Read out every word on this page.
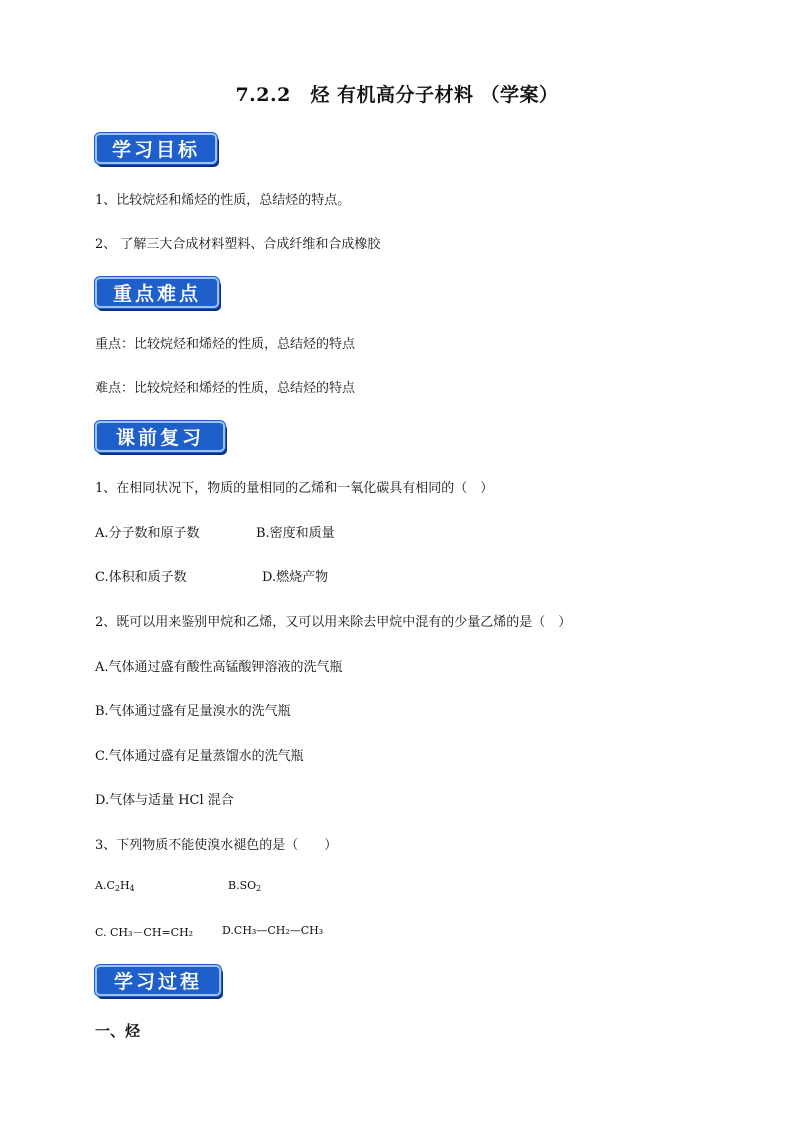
7.2.2　烃 有机高分子材料 （学案）
学习目标
1、比较烷烃和烯烃的性质，总结烃的特点。
2、 了解三大合成材料塑料、合成纤维和合成橡胶
重点难点
重点：比较烷烃和烯烃的性质，总结烃的特点
难点：比较烷烃和烯烃的性质，总结烃的特点
课前复习
1、在相同状况下，物质的量相同的乙烯和一氧化碳具有相同的（　）
A.分子数和原子数	B.密度和质量
C.体积和质子数	D.燃烧产物
2、既可以用来鉴别甲烷和乙烯，又可以用来除去甲烷中混有的少量乙烯的是（　）
A.气体通过盛有酸性高锰酸钾溶液的洗气瓶
B.气体通过盛有足量溴水的洗气瓶
C.气体通过盛有足量蒸馏水的洗气瓶
D.气体与适量 HCl 混合
3、下列物质不能使溴水褪色的是（　　）
$A.C_2H_4$	$B.SO_2$
C. CH₃－CH=CH₂	D.CH₃—CH₂—CH₃
学习过程
一、烃
